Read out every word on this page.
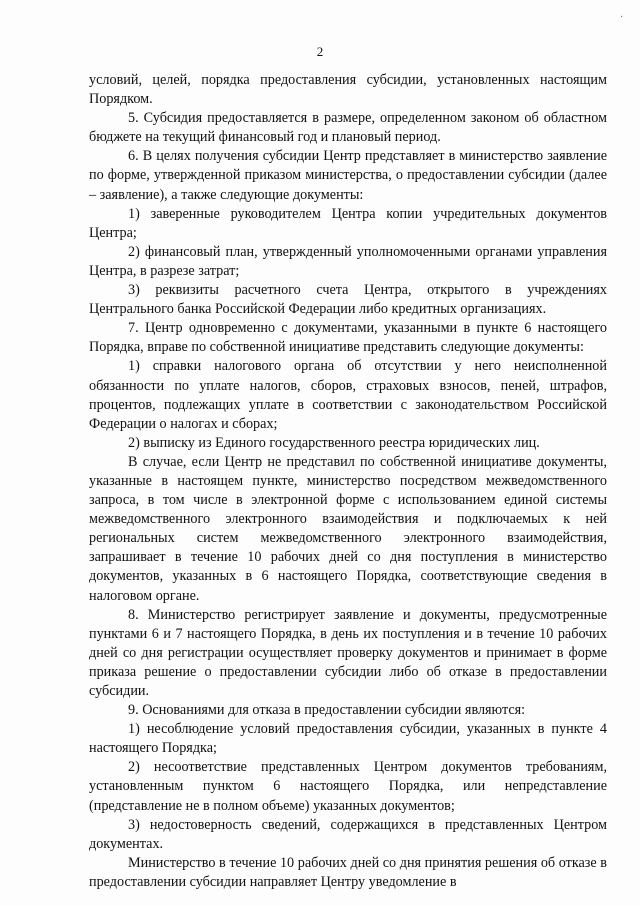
·
2

условий, целей, порядка предоставления субсидии, установленных настоящим Порядком.

5. Субсидия предоставляется в размере, определенном законом об областном бюджете на текущий финансовый год и плановый период.

6. В целях получения субсидии Центр представляет в министерство заявление по форме, утвержденной приказом министерства, о предоставлении субсидии (далее – заявление), а также следующие документы:

1) заверенные руководителем Центра копии учредительных документов Центра;

2) финансовый план, утвержденный уполномоченными органами управления Центра, в разрезе затрат;

3) реквизиты расчетного счета Центра, открытого в учреждениях Центрального банка Российской Федерации либо кредитных организациях.

7. Центр одновременно с документами, указанными в пункте 6 настоящего Порядка, вправе по собственной инициативе представить следующие документы:

1) справки налогового органа об отсутствии у него неисполненной обязанности по уплате налогов, сборов, страховых взносов, пеней, штрафов, процентов, подлежащих уплате в соответствии с законодательством Российской Федерации о налогах и сборах;

2) выписку из Единого государственного реестра юридических лиц.

В случае, если Центр не представил по собственной инициативе документы, указанные в настоящем пункте, министерство посредством межведомственного запроса, в том числе в электронной форме с использованием единой системы межведомственного электронного взаимодействия и подключаемых к ней региональных систем межведомственного электронного взаимодействия, запрашивает в течение 10 рабочих дней со дня поступления в министерство документов, указанных в 6 настоящего Порядка, соответствующие сведения в налоговом органе.

8. Министерство регистрирует заявление и документы, предусмотренные пунктами 6 и 7 настоящего Порядка, в день их поступления и в течение 10 рабочих дней со дня регистрации осуществляет проверку документов и принимает в форме приказа решение о предоставлении субсидии либо об отказе в предоставлении субсидии.

9. Основаниями для отказа в предоставлении субсидии являются:

1) несоблюдение условий предоставления субсидии, указанных в пункте 4 настоящего Порядка;

2) несоответствие представленных Центром документов требованиям, установленным пунктом 6 настоящего Порядка, или непредставление (представление не в полном объеме) указанных документов;

3) недостоверность сведений, содержащихся в представленных Центром документах.

Министерство в течение 10 рабочих дней со дня принятия решения об отказе в предоставлении субсидии направляет Центру уведомление в
